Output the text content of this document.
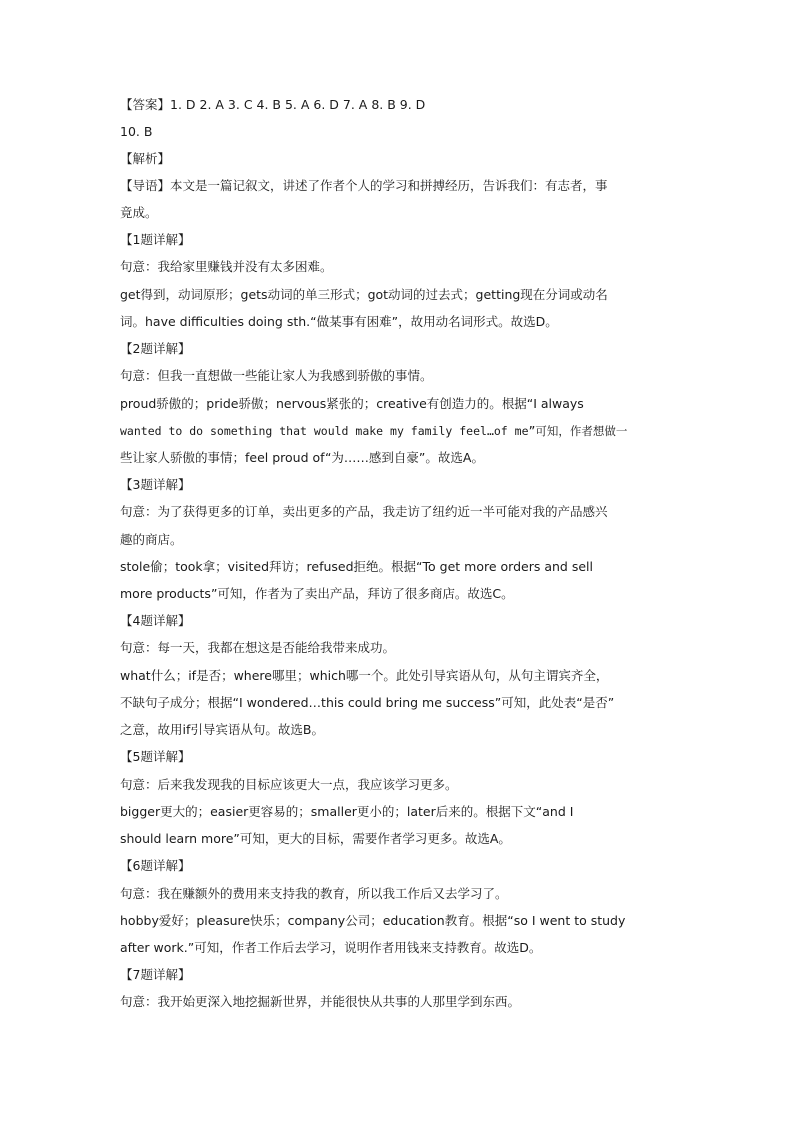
【答案】1. D 2. A 3. C 4. B 5. A 6. D 7. A 8. B 9. D
10. B
【解析】
【导语】本文是一篇记叙文，讲述了作者个人的学习和拼搏经历，告诉我们：有志者，事
竟成。
【1题详解】
句意：我给家里赚钱并没有太多困难。
get得到，动词原形；gets动词的单三形式；got动词的过去式；getting现在分词或动名
词。have difficulties doing sth.“做某事有困难”，故用动名词形式。故选D。
【2题详解】
句意：但我一直想做一些能让家人为我感到骄傲的事情。
proud骄傲的；pride骄傲；nervous紧张的；creative有创造力的。根据“I always
wanted to do something that would make my family feel…of me”可知，作者想做一
些让家人骄傲的事情；feel proud of“为……感到自豪”。故选A。
【3题详解】
句意：为了获得更多的订单，卖出更多的产品，我走访了纽约近一半可能对我的产品感兴
趣的商店。
stole偷；took拿；visited拜访；refused拒绝。根据“To get more orders and sell
more products”可知，作者为了卖出产品，拜访了很多商店。故选C。
【4题详解】
句意：每一天，我都在想这是否能给我带来成功。
what什么；if是否；where哪里；which哪一个。此处引导宾语从句，从句主谓宾齐全，
不缺句子成分；根据“I wondered…this could bring me success”可知，此处表“是否”
之意，故用if引导宾语从句。故选B。
【5题详解】
句意：后来我发现我的目标应该更大一点，我应该学习更多。
bigger更大的；easier更容易的；smaller更小的；later后来的。根据下文“and I
should learn more”可知，更大的目标，需要作者学习更多。故选A。
【6题详解】
句意：我在赚额外的费用来支持我的教育，所以我工作后又去学习了。
hobby爱好；pleasure快乐；company公司；education教育。根据“so I went to study
after work.”可知，作者工作后去学习，说明作者用钱来支持教育。故选D。
【7题详解】
句意：我开始更深入地挖掘新世界，并能很快从共事的人那里学到东西。
